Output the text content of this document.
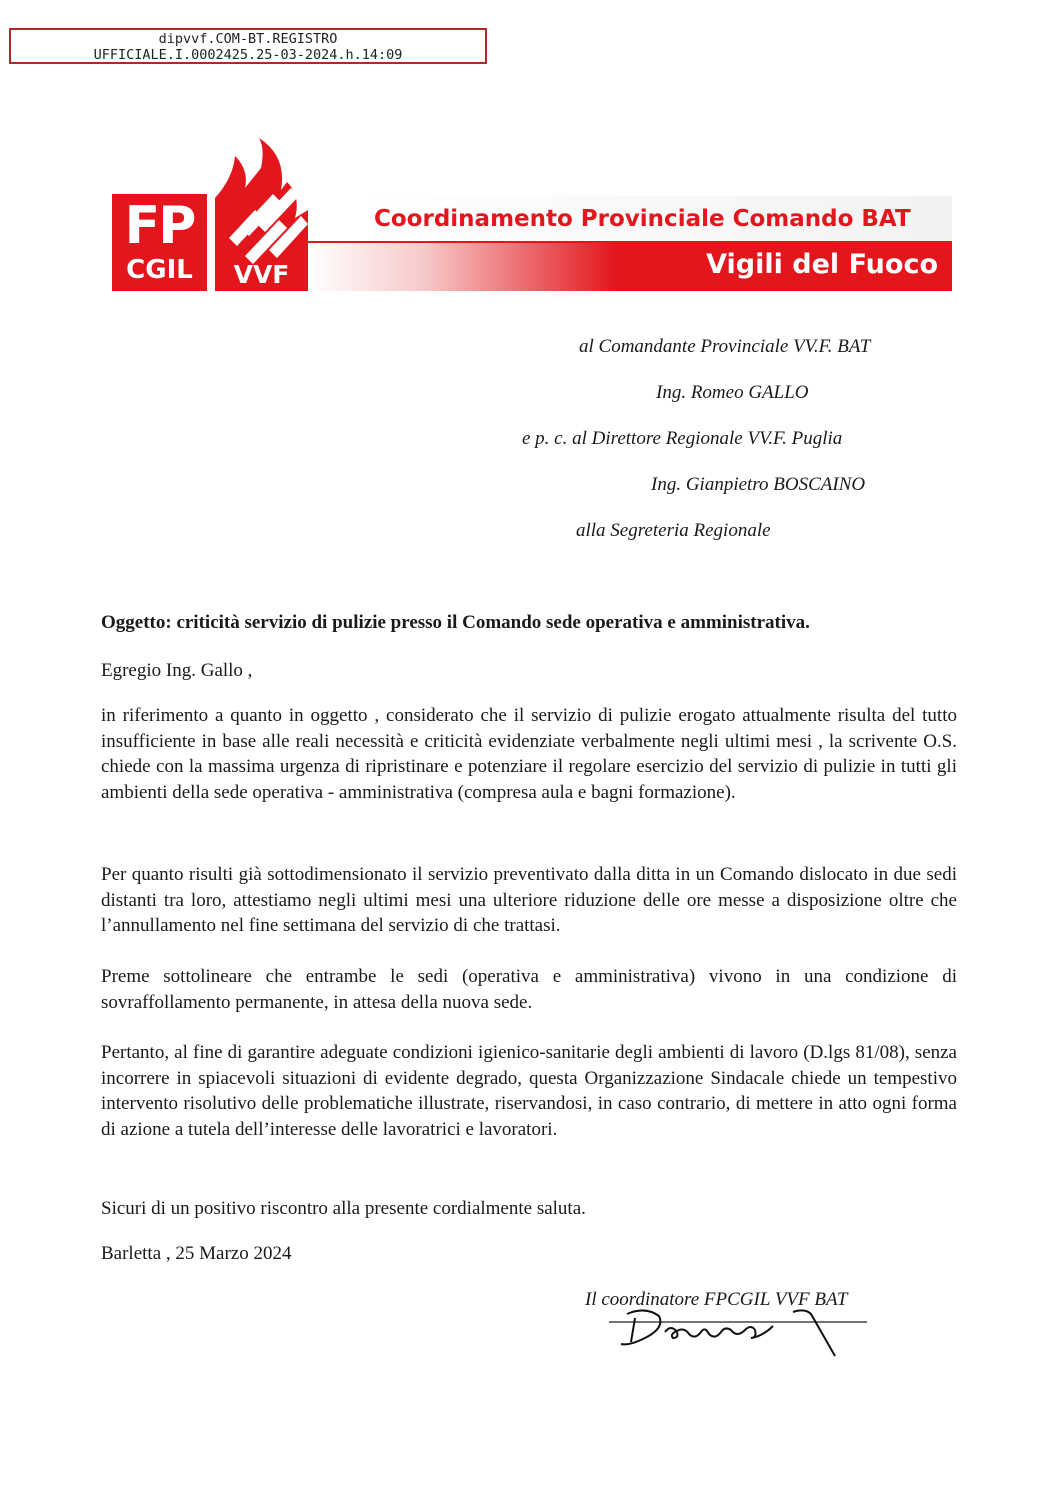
dipvvf.COM-BT.REGISTRO
UFFICIALE.I.0002425.25-03-2024.h.14:09
FP
CGIL	VVF
Coordinamento Provinciale Comando BAT
Vigili del Fuoco
al Comandante Provinciale VV.F. BAT
Ing. Romeo GALLO
e p. c. al Direttore Regionale VV.F. Puglia
Ing. Gianpietro BOSCAINO
alla Segreteria Regionale
Oggetto: criticità servizio di pulizie presso il Comando sede operativa e amministrativa.
Egregio Ing. Gallo ,
in riferimento a quanto in oggetto , considerato che il servizio di pulizie erogato attualmente risulta del tutto insufficiente in base alle reali necessità e criticità evidenziate verbalmente negli ultimi mesi , la scrivente O.S. chiede con la massima urgenza di ripristinare e potenziare il regolare esercizio del servizio di pulizie in tutti gli ambienti della sede operativa - amministrativa (compresa aula e bagni formazione).
Per quanto risulti già sottodimensionato il servizio preventivato dalla ditta in un Comando dislocato in due sedi distanti tra loro, attestiamo negli ultimi mesi una ulteriore riduzione delle ore messe a disposizione oltre che l’annullamento nel fine settimana del servizio di che trattasi.
Preme sottolineare che entrambe le sedi (operativa e amministrativa) vivono in una condizione di sovraffollamento permanente, in attesa della nuova sede.
Pertanto, al fine di garantire adeguate condizioni igienico-sanitarie degli ambienti di lavoro (D.lgs 81/08), senza incorrere in spiacevoli situazioni di evidente degrado, questa Organizzazione Sindacale chiede un tempestivo intervento risolutivo delle problematiche illustrate, riservandosi, in caso contrario, di mettere in atto ogni forma di azione a tutela dell’interesse delle lavoratrici e lavoratori.
Sicuri di un positivo riscontro alla presente cordialmente saluta.
Barletta , 25 Marzo 2024
Il coordinatore FPCGIL VVF BAT
